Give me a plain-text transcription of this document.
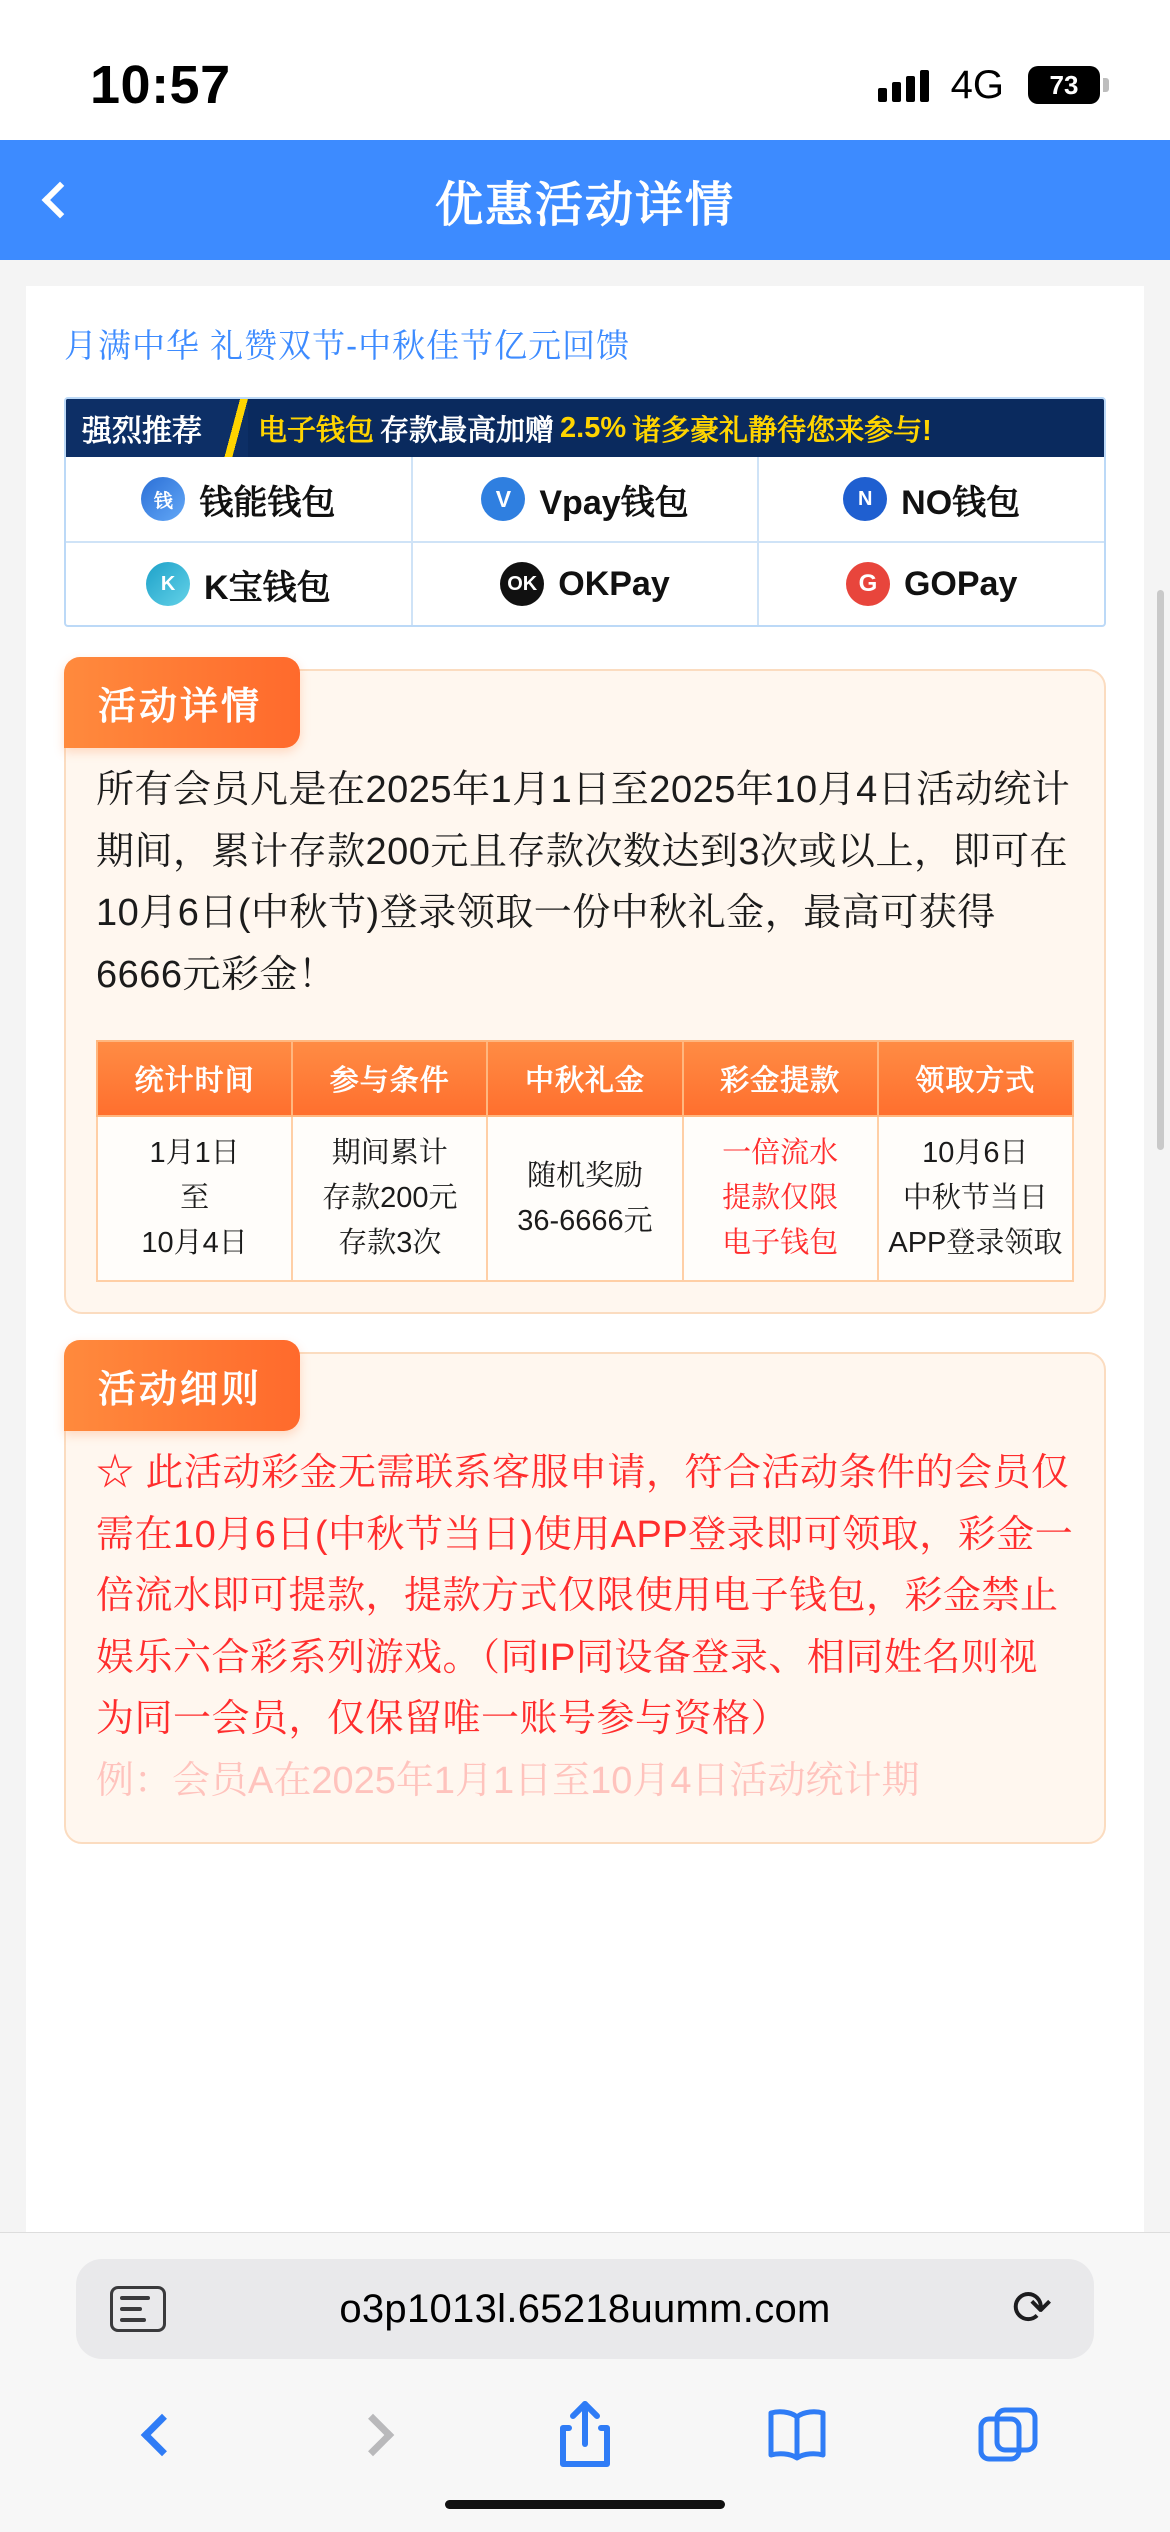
10:57	4G 73
优惠活动详情
月满中华 礼赞双节-中秋佳节亿元回馈
强烈推荐	电子钱包 存款最高加赠 2.5% 诸多豪礼静待您来参与!
钱 钱能钱包	V Vpay钱包	N NO钱包
K K宝钱包	OK OKPay	G GOPay
活动详情
所有会员凡是在2025年1月1日至2025年10月4日活动统计期间，累计存款200元且存款次数达到3次或以上，即可在10月6日(中秋节)登录领取一份中秋礼金，最高可获得6666元彩金！
统计时间	参与条件	中秋礼金	彩金提款	领取方式

1月1日
至
10月4日	期间累计
存款200元
存款3次	随机奖励
36-6666元	一倍流水
提款仅限
电子钱包	10月6日
中秋节当日
APP登录领取
活动细则
☆ 此活动彩金无需联系客服申请，符合活动条件的会员仅需在10月6日(中秋节当日)使用APP登录即可领取，彩金一倍流水即可提款，提款方式仅限使用电子钱包，彩金禁止娱乐六合彩系列游戏。（同IP同设备登录、相同姓名则视为同一会员，仅保留唯一账号参与资格）
例：会员A在2025年1月1日至10月4日活动统计期
o3p1013l.65218uumm.com	⟳
